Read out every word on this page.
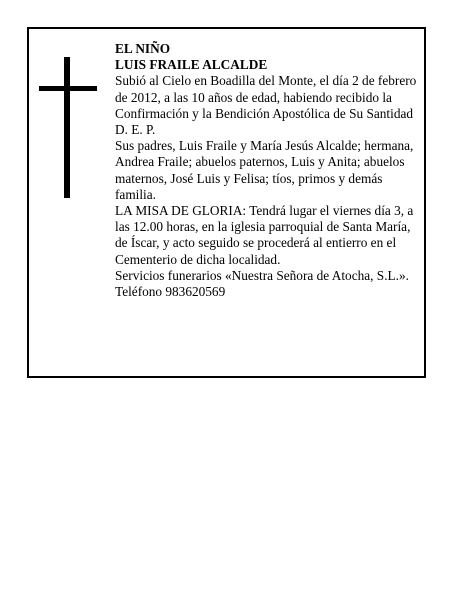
EL NIÑO

LUIS FRAILE ALCALDE

Subió al Cielo en Boadilla del Monte, el día 2 de febrero de 2012, a las 10 años de edad, habiendo recibido la Confirmación y la Bendición Apostólica de Su Santidad

D. E. P.

Sus padres, Luis Fraile y María Jesús Alcalde; hermana, Andrea Fraile; abuelos paternos, Luis y Anita; abuelos maternos, José Luis y Felisa; tíos, primos y demás familia.

LA MISA DE GLORIA: Tendrá lugar el viernes día 3, a las 12.00 horas, en la iglesia parroquial de Santa María, de Íscar, y acto seguido se procederá al entierro en el Cementerio de dicha localidad.

Servicios funerarios «Nuestra Señora de Atocha, S.L.».

Teléfono 983620569
